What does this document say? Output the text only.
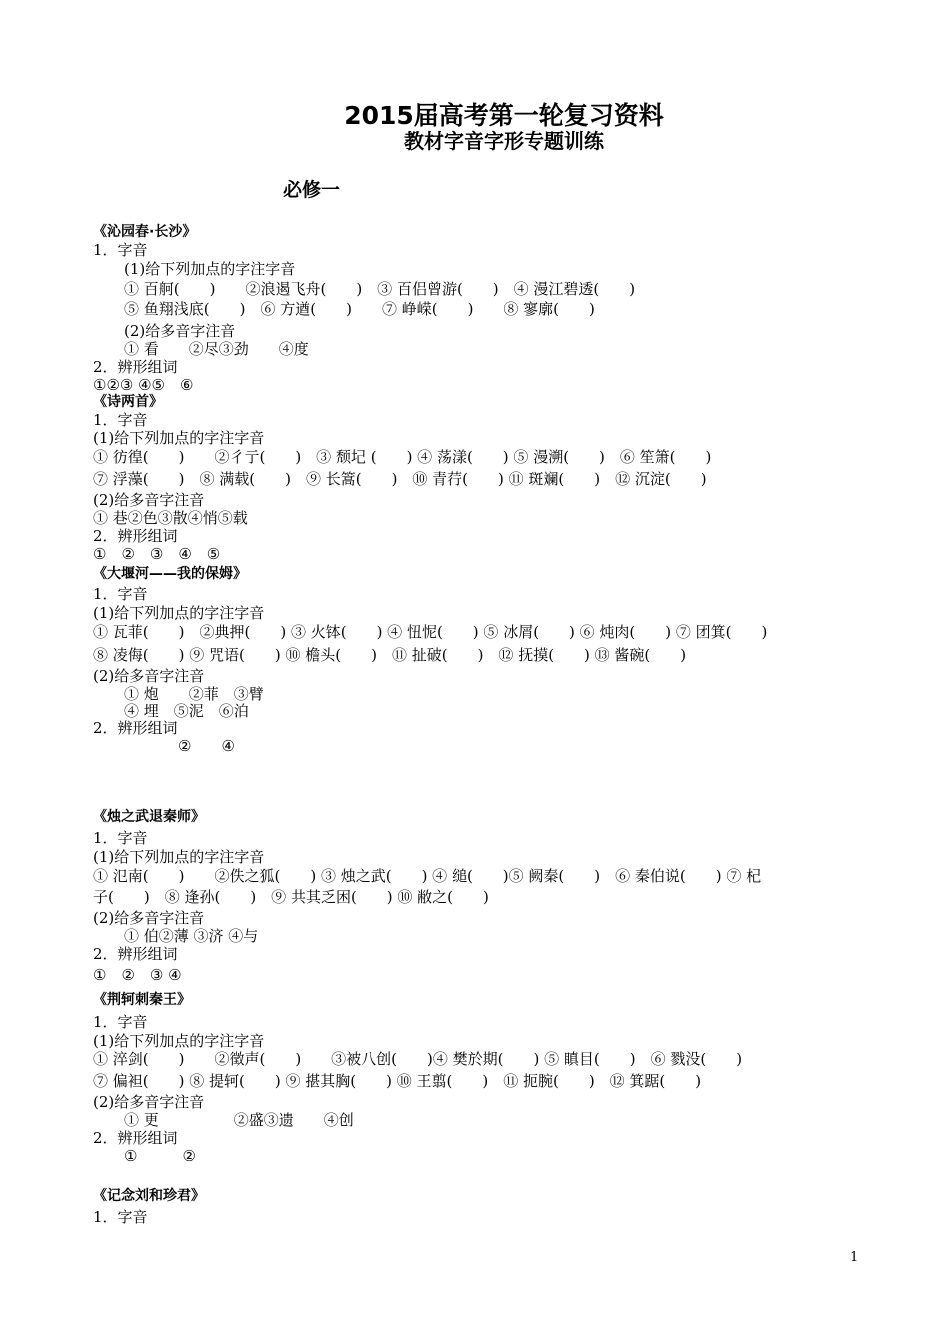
2015届高考第一轮复习资料
教材字音字形专题训练
必修一
《沁园春·长沙》
1．字音
(1)给下列加点的字注字音
① 百舸(　　)　　②浪遏飞舟(　　)　③ 百侣曾游(　　)　④ 漫江碧透(　　)
⑤ 鱼翔浅底(　　)　⑥ 方遒(　　)　　⑦ 峥嵘(　　)　　⑧ 寥廓(　　)
(2)给多音字注音
① 看　　②尽③劲　　④度
2．辨形组词
①②③ ④⑤　⑥
《诗两首》
1．字音
(1)给下列加点的字注字音
① 彷徨(　　)　　②彳亍(　　)　③ 颓圮 (　　) ④ 荡漾(　　) ⑤ 漫溯(　　)　⑥ 笙箫(　　)
⑦ 浮藻(　　)　⑧ 满载(　　)　⑨ 长篙(　　)　⑩ 青荇(　　) ⑪ 斑斓(　　)　⑫ 沉淀(　　)
(2)给多音字注音
① 巷②色③散④悄⑤载
2．辨形组词
①　②　③　④　⑤
《大堰河——我的保姆》
1．字音
(1)给下列加点的字注字音
① 瓦菲(　　)　②典押(　　) ③ 火钵(　　) ④ 忸怩(　　) ⑤ 冰屑(　　) ⑥ 炖肉(　　) ⑦ 团箕(　　)
⑧ 凌侮(　　) ⑨ 咒语(　　) ⑩ 檐头(　　)　⑪ 扯破(　　)　⑫ 抚摸(　　) ⑬ 酱碗(　　)
(2)给多音字注音
① 炮　　②菲　③臂
④ 埋　⑤泥　⑥泊
2．辨形组词
②　　④
《烛之武退秦师》
1．字音
(1)给下列加点的字注字音
① 氾南(　　)　　②佚之狐(　　) ③ 烛之武(　　) ④ 缒(　　)⑤ 阙秦(　　)　⑥ 秦伯说(　　) ⑦ 杞
子(　　)　⑧ 逢孙(　　)　⑨ 共其乏困(　　) ⑩ 敝之(　　)
(2)给多音字注音
① 伯②薄 ③济 ④与
2．辨形组词
①　②　③ ④
《荆轲刺秦王》
1．字音
(1)给下列加点的字注字音
① 淬剑(　　)　　②徵声(　　)　　③被八创(　　)④ 樊於期(　　) ⑤ 瞋目(　　)　⑥ 戮没(　　)
⑦ 偏袒(　　) ⑧ 提轲(　　) ⑨ 揕其胸(　　) ⑩ 王翦(　　)　⑪ 扼腕(　　)　⑫ 箕踞(　　)
(2)给多音字注音
① 更　　　　　②盛③遗　　④创
2．辨形组词
①　　　②
《记念刘和珍君》
1．字音
1
